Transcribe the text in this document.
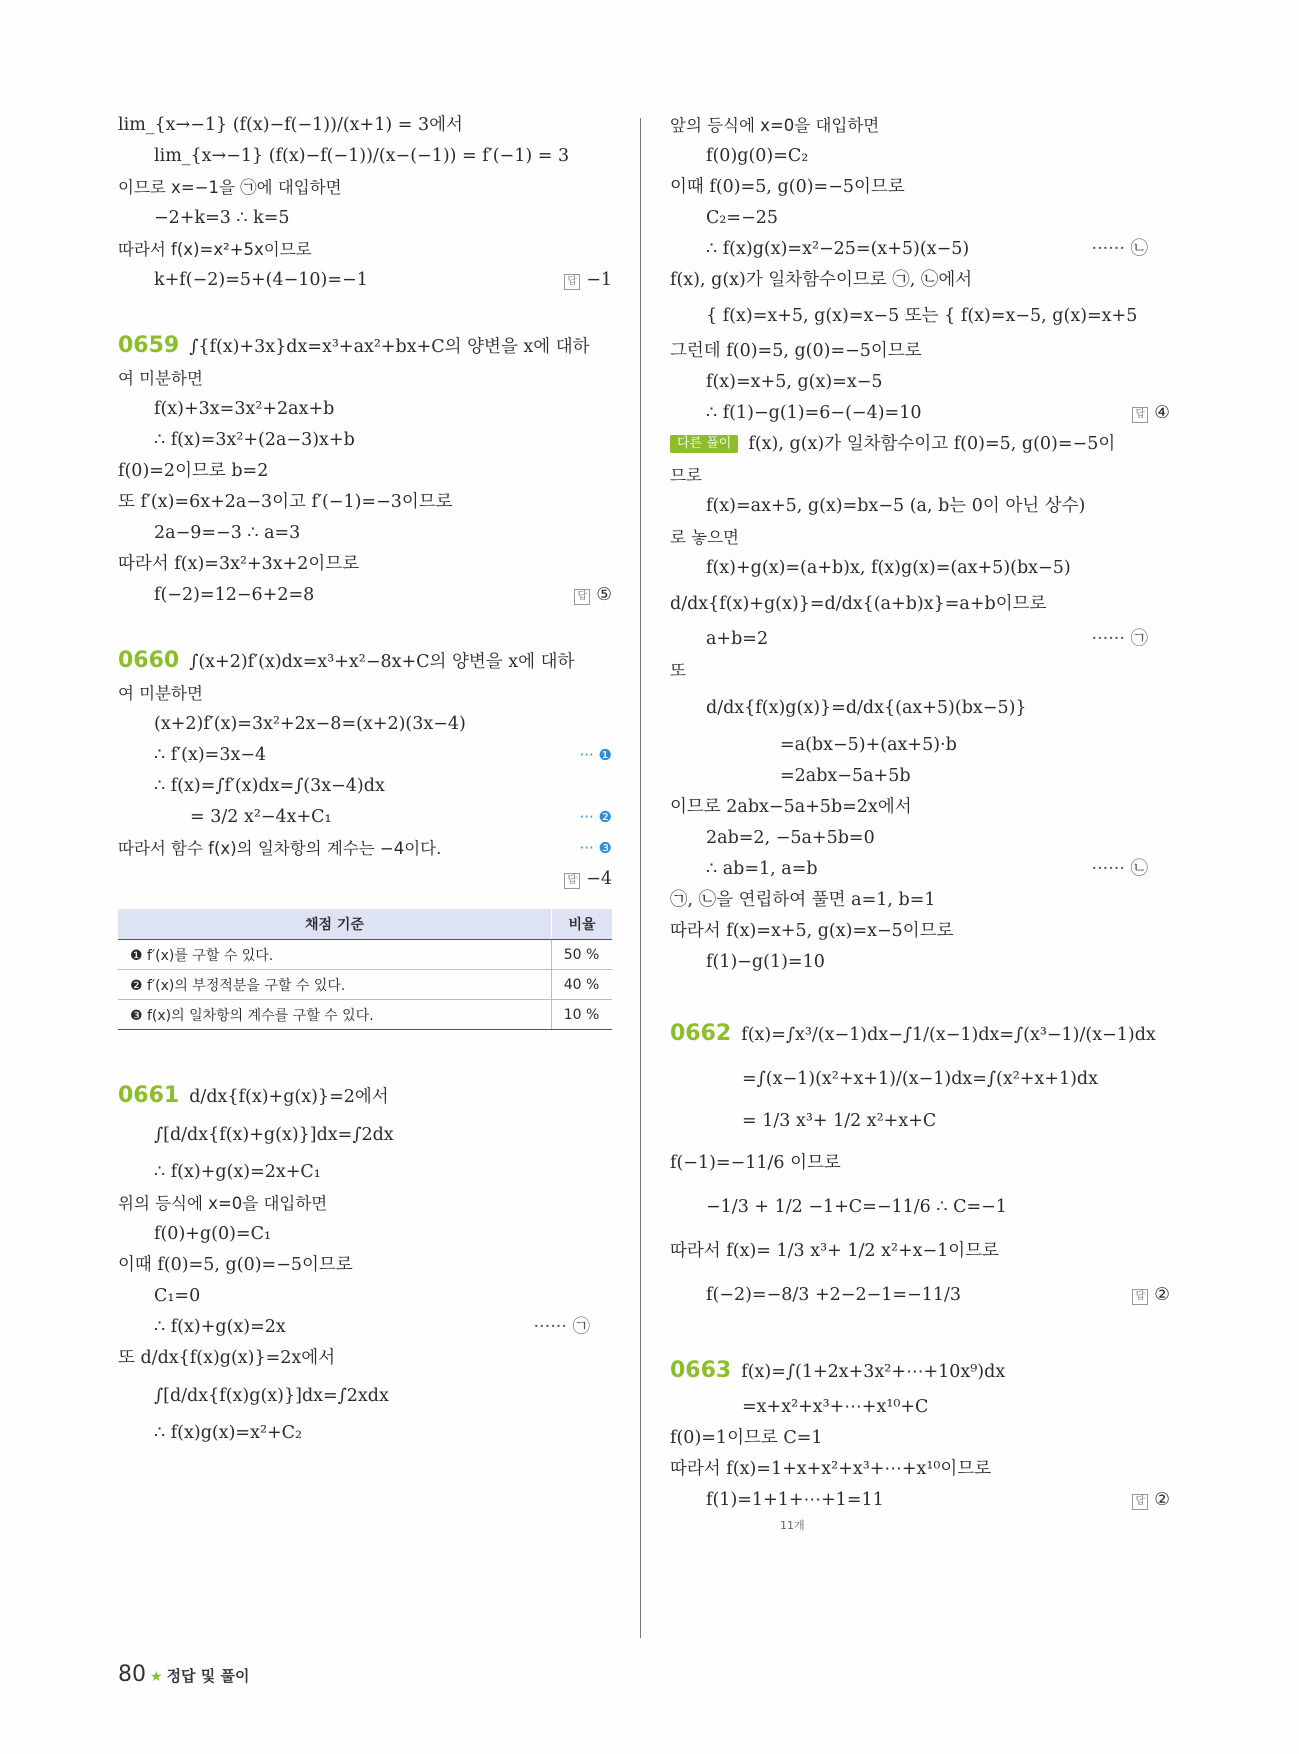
lim_{x→−1} (f(x)−f(−1))/(x+1) = 3에서
lim_{x→−1} (f(x)−f(−1))/(x−(−1)) = f′(−1) = 3
이므로 x=−1을 ㉠에 대입하면
−2+k=3 ∴ k=5
따라서 f(x)=x²+5x이므로
k+f(−2)=5+(4−10)=−1	답 −1
0659 ∫{f(x)+3x}dx=x³+ax²+bx+C의 양변을 x에 대하
여 미분하면
f(x)+3x=3x²+2ax+b
∴ f(x)=3x²+(2a−3)x+b
f(0)=2이므로 b=2
또 f′(x)=6x+2a−3이고 f′(−1)=−3이므로
2a−9=−3 ∴ a=3
따라서 f(x)=3x²+3x+2이므로
f(−2)=12−6+2=8	답 ⑤
0660 ∫(x+2)f′(x)dx=x³+x²−8x+C의 양변을 x에 대하
여 미분하면
(x+2)f′(x)=3x²+2x−8=(x+2)(3x−4)
∴ f′(x)=3x−4	··· ❶
∴ f(x)=∫f′(x)dx=∫(3x−4)dx
= 3/2 x²−4x+C₁	··· ❷
따라서 함수 f(x)의 일차항의 계수는 −4이다.	··· ❸

답 −4
채점 기준	비율
❶ f′(x)를 구할 수 있다.	50 %
❷ f′(x)의 부정적분을 구할 수 있다.	40 %
❸ f(x)의 일차항의 계수를 구할 수 있다.	10 %
0661 d/dx{f(x)+g(x)}=2에서
∫[d/dx{f(x)+g(x)}]dx=∫2dx
∴ f(x)+g(x)=2x+C₁
위의 등식에 x=0을 대입하면
f(0)+g(0)=C₁
이때 f(0)=5, g(0)=−5이므로
C₁=0
∴ f(x)+g(x)=2x	······ ㉠
또 d/dx{f(x)g(x)}=2x에서
∫[d/dx{f(x)g(x)}]dx=∫2xdx
∴ f(x)g(x)=x²+C₂
앞의 등식에 x=0을 대입하면
f(0)g(0)=C₂
이때 f(0)=5, g(0)=−5이므로
C₂=−25
∴ f(x)g(x)=x²−25=(x+5)(x−5)	······ ㉡
f(x), g(x)가 일차함수이므로 ㉠, ㉡에서
{ f(x)=x+5, g(x)=x−5 또는 { f(x)=x−5, g(x)=x+5
그런데 f(0)=5, g(0)=−5이므로
f(x)=x+5, g(x)=x−5
∴ f(1)−g(1)=6−(−4)=10	답 ④
다른 풀이 f(x), g(x)가 일차함수이고 f(0)=5, g(0)=−5이
므로
f(x)=ax+5, g(x)=bx−5 (a, b는 0이 아닌 상수)
로 놓으면
f(x)+g(x)=(a+b)x, f(x)g(x)=(ax+5)(bx−5)
d/dx{f(x)+g(x)}=d/dx{(a+b)x}=a+b이므로
a+b=2	······ ㉠
또
d/dx{f(x)g(x)}=d/dx{(ax+5)(bx−5)}
=a(bx−5)+(ax+5)·b
=2abx−5a+5b
이므로 2abx−5a+5b=2x에서
2ab=2, −5a+5b=0
∴ ab=1, a=b	······ ㉡
㉠, ㉡을 연립하여 풀면 a=1, b=1
따라서 f(x)=x+5, g(x)=x−5이므로
f(1)−g(1)=10
0662 f(x)=∫x³/(x−1)dx−∫1/(x−1)dx=∫(x³−1)/(x−1)dx
=∫(x−1)(x²+x+1)/(x−1)dx=∫(x²+x+1)dx
= 1/3 x³+ 1/2 x²+x+C
f(−1)=−11/6 이므로
−1/3 + 1/2 −1+C=−11/6 ∴ C=−1
따라서 f(x)= 1/3 x³+ 1/2 x²+x−1이므로
f(−2)=−8/3 +2−2−1=−11/3	답 ②
0663 f(x)=∫(1+2x+3x²+⋯+10x⁹)dx
=x+x²+x³+⋯+x¹⁰+C
f(0)=1이므로 C=1
따라서 f(x)=1+x+x²+x³+⋯+x¹⁰이므로
f(1)=1+1+⋯+1=11	답 ②
11개
80 ★ 정답 및 풀이
